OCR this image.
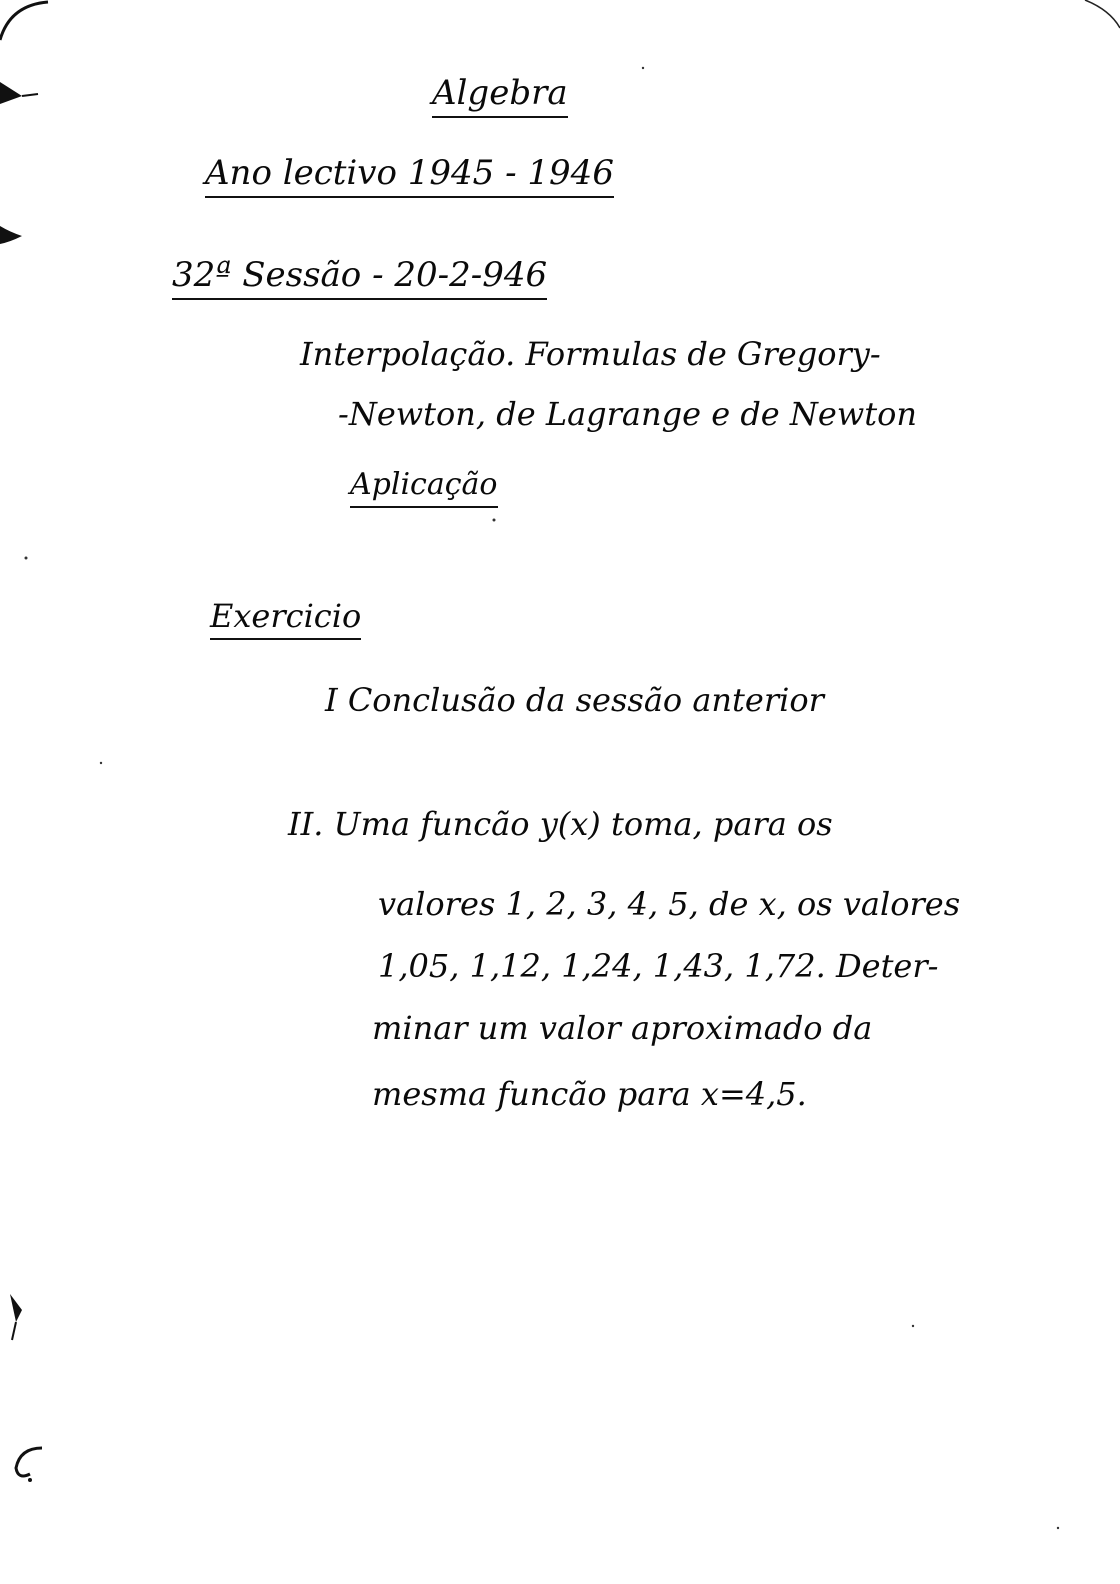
Algebra
Ano lectivo 1945 - 1946
32ª Sessão - 20-2-946
Interpolação. Formulas de Gregory-
-Newton, de Lagrange e de Newton
Aplicação
Exercicio
I Conclusão da sessão anterior
II. Uma funcão y(x) toma, para os
valores 1, 2, 3, 4, 5, de x, os valores
1,05, 1,12, 1,24, 1,43, 1,72. Deter-
minar um valor aproximado da
mesma funcão para x=4,5.
